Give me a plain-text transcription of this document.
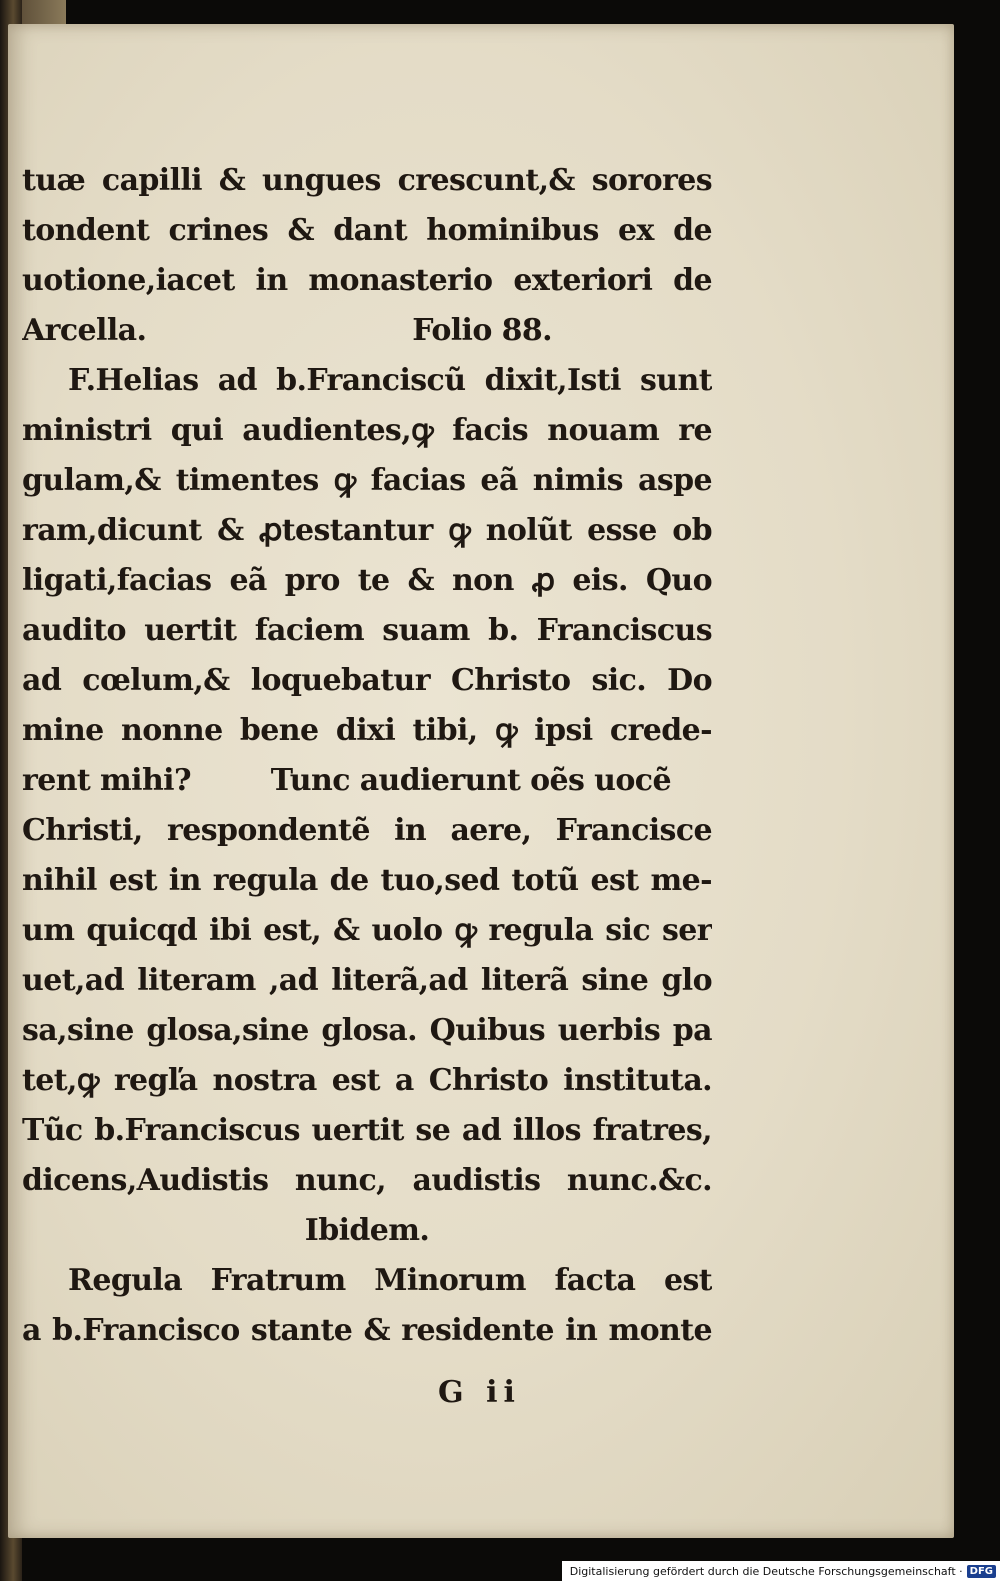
tuæ capilli & ungues crescunt,& sorores
tondent crines & dant hominibus ex de
uotione,iacet in monasterio exteriori de
Arcella.	Folio 88.
F.Helias ad b.Franciscũ dixit,Isti sunt
ministri qui audientes,ꝙ facis nouam re
gulam,& timentes ꝙ facias eã nimis aspe
ram,dicunt & ꝓtestantur ꝙ nolũt esse ob
ligati,facias eã pro te & non ꝓ eis. Quo
audito uertit faciem suam b. Franciscus
ad cœlum,& loquebatur Christo sic. Do
mine nonne bene dixi tibi, ꝙ ipsi crede-
rent mihi?	Tunc audierunt oẽs uocẽ
Christi, respondentẽ in aere, Francisce
nihil est in regula de tuo,sed totũ est me-
um quicqd ibi est, & uolo ꝙ regula sic ser
uet,ad literam ,ad literã,ad literã sine glo
sa,sine glosa,sine glosa. Quibus uerbis pa
tet,ꝙ regľa nostra est a Christo instituta.
Tũc b.Franciscus uertit se ad illos fratres,
dicens,Audistis nunc, audistis nunc.&c.
Ibidem.
Regula Fratrum Minorum facta est
a b.Francisco stante & residente in monte
G ii
Digitalisierung gefördert durch die Deutsche Forschungsgemeinschaft · DFG
